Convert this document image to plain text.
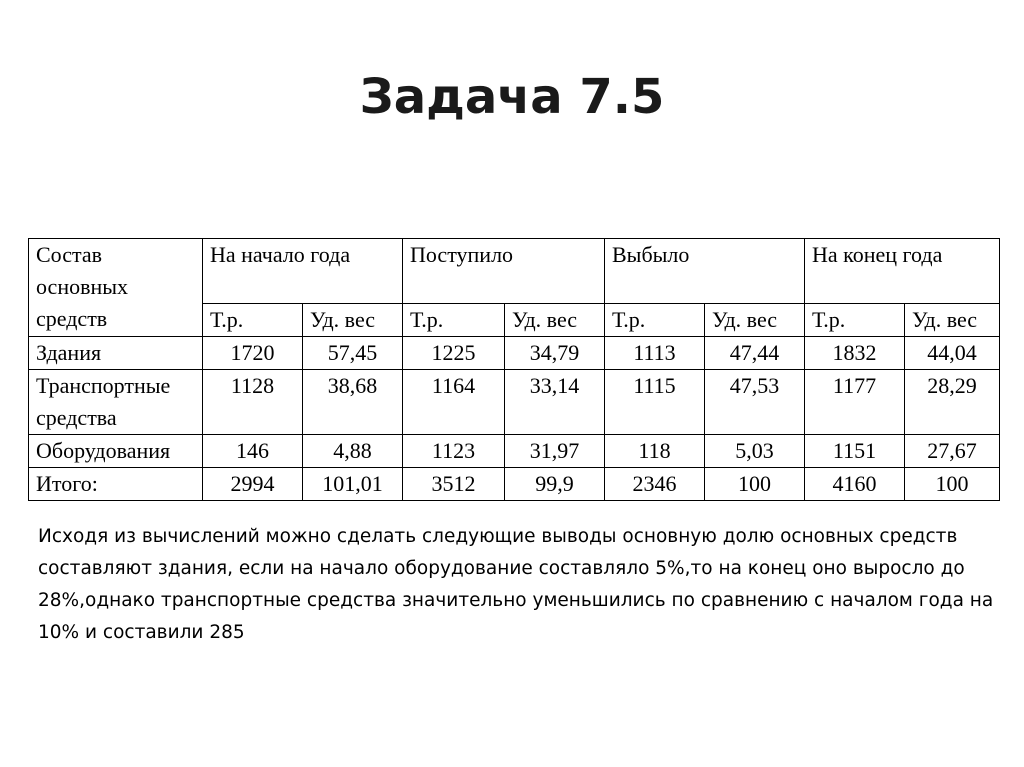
Задача 7.5
Состав основных средств	На начало года		Поступило		Выбыло		На конец года	
	Т.р.	Уд. вес	Т.р.	Уд. вес	Т.р.	Уд. вес	Т.р.	Уд. вес
Здания	1720	57,45	1225	34,79	1113	47,44	1832	44,04
Транспортные средства	1128	38,68	1164	33,14	1115	47,53	1177	28,29
Оборудования	146	4,88	1123	31,97	118	5,03	1151	27,67
Итого:	2994	101,01	3512	99,9	2346	100	4160	100

Исходя из вычислений можно сделать следующие выводы основную долю основных средств составляют здания, если на начало оборудование составляло 5%,то на конец оно выросло до 28%,однако транспортные средства значительно уменьшились по сравнению с началом года на 10% и составили 285
